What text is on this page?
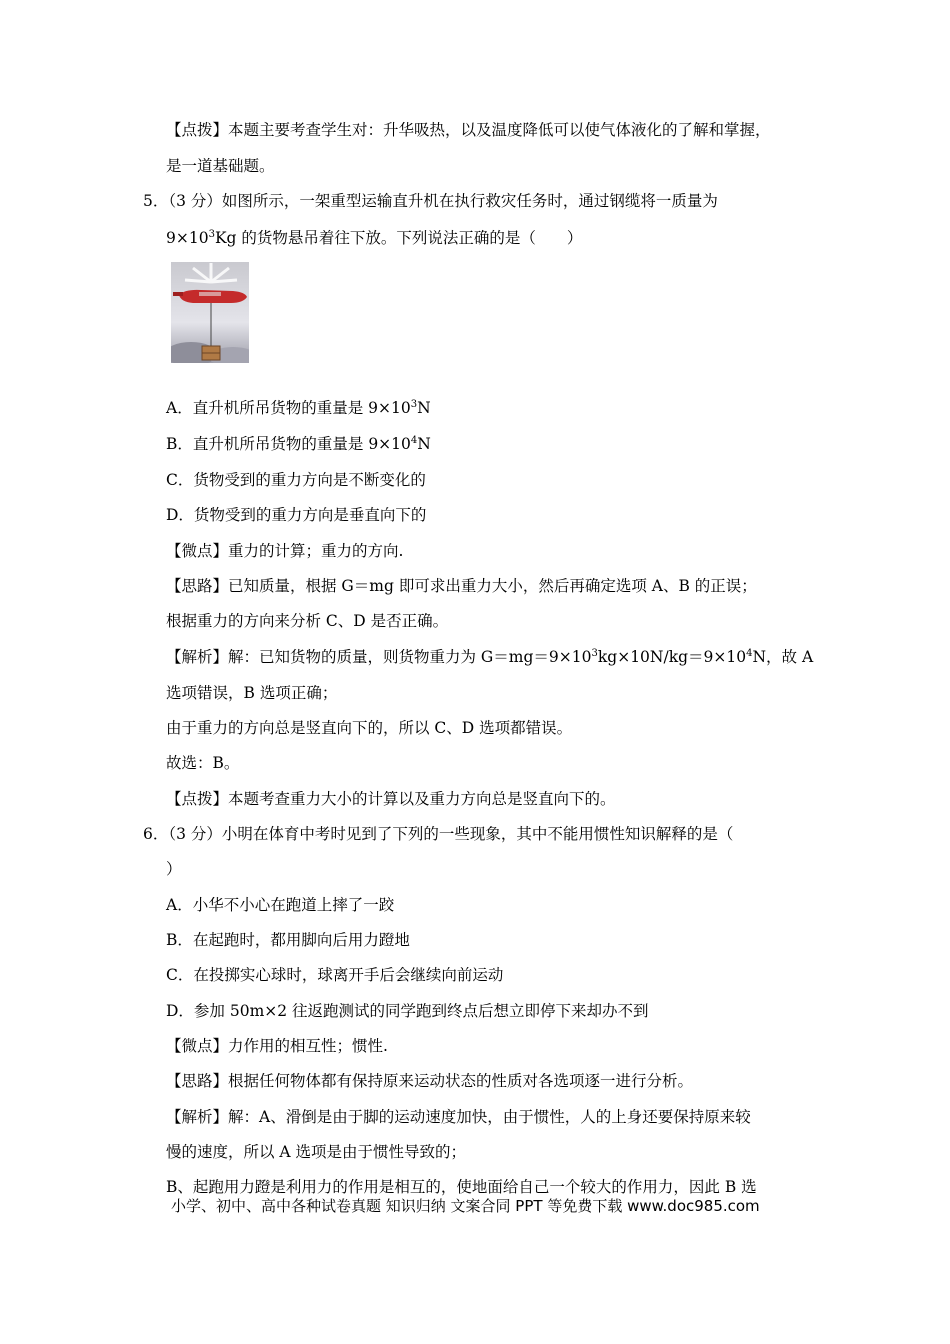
【点拨】本题主要考查学生对：升华吸热，以及温度降低可以使气体液化的了解和掌握，
是一道基础题。
5．（3 分）如图所示，一架重型运输直升机在执行救灾任务时，通过钢缆将一质量为
$9\times 10^3Kg$ 的货物悬吊着往下放。下列说法正确的是（　　）
A．直升机所吊货物的重量是 $9\times 10^3N$
B．直升机所吊货物的重量是 $9\times 10^4N$
C．货物受到的重力方向是不断变化的
D．货物受到的重力方向是垂直向下的
【微点】重力的计算；重力的方向.
【思路】已知质量，根据 G＝mg 即可求出重力大小，然后再确定选项 A、B 的正误；
根据重力的方向来分析 C、D 是否正确。
【解析】解：已知货物的质量，则货物重力为 $G=mg=9\times 10^3kg\times 10N/kg=9\times 10^4N$，故 A
选项错误，B 选项正确；
由于重力的方向总是竖直向下的，所以 C、D 选项都错误。
故选：B。
【点拨】本题考查重力大小的计算以及重力方向总是竖直向下的。
6．（3 分）小明在体育中考时见到了下列的一些现象，其中不能用惯性知识解释的是（
）
A．小华不小心在跑道上摔了一跤
B．在起跑时，都用脚向后用力蹬地
C．在投掷实心球时，球离开手后会继续向前运动
D．参加 50m×2 往返跑测试的同学跑到终点后想立即停下来却办不到
【微点】力作用的相互性；惯性.
【思路】根据任何物体都有保持原来运动状态的性质对各选项逐一进行分析。
【解析】解：A、滑倒是由于脚的运动速度加快，由于惯性，人的上身还要保持原来较
慢的速度，所以 A 选项是由于惯性导致的；
B、起跑用力蹬是利用力的作用是相互的，使地面给自己一个较大的作用力，因此 B 选
小学、初中、高中各种试卷真题 知识归纳 文案合同 PPT 等免费下载 www.doc985.com
